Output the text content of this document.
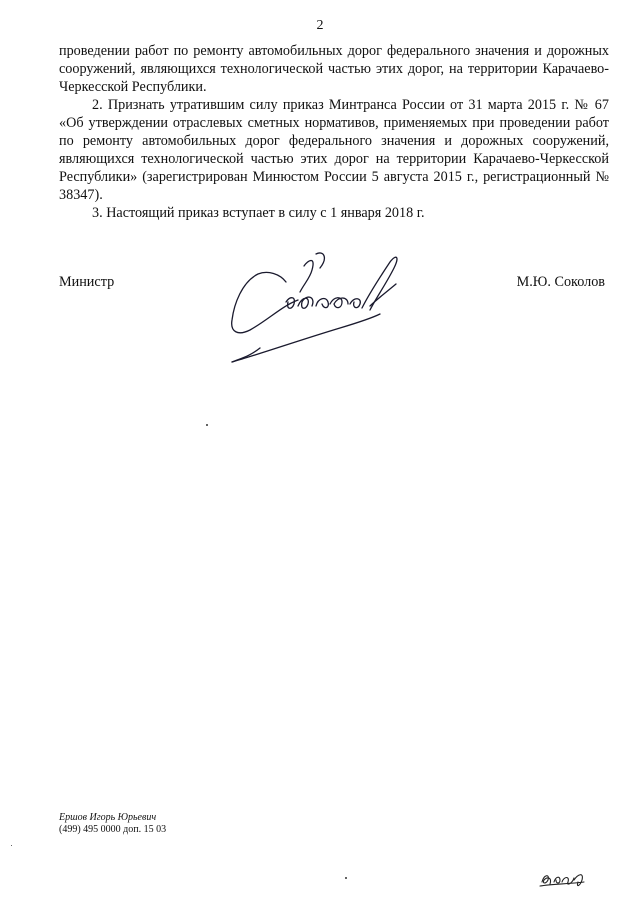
2

проведении работ по ремонту автомобильных дорог федерального значения и дорожных сооружений, являющихся технологической частью этих дорог, на территории Карачаево-Черкесской Республики.

2. Признать утратившим силу приказ Минтранса России от 31 марта 2015 г. № 67 «Об утверждении отраслевых сметных нормативов, применяемых при проведении работ по ремонту автомобильных дорог федерального значения и дорожных сооружений, являющихся технологической частью этих дорог на территории Карачаево-Черкесской Республики» (зарегистрирован Минюстом России 5 августа 2015 г., регистрационный № 38347).

3. Настоящий приказ вступает в силу с 1 января 2018 г.

Министр	М.Ю. Соколов
Ершов Игорь Юрьевич
(499) 495 0000 доп. 15 03
